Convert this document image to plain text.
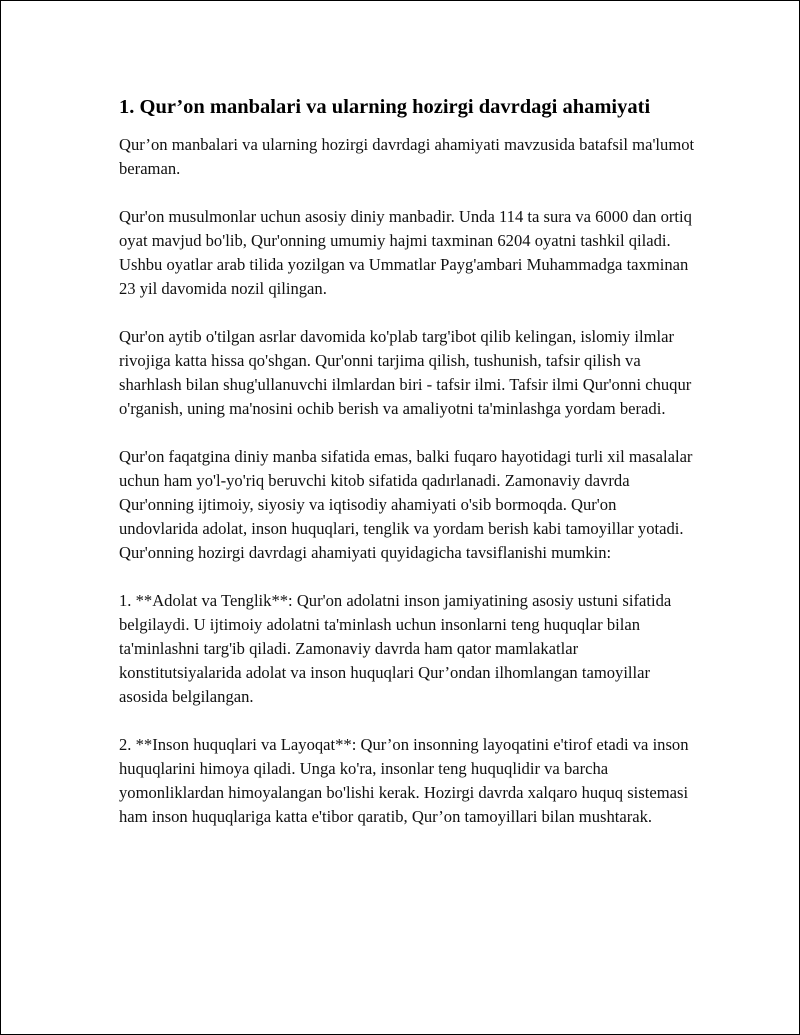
1. Qur’on manbalari va ularning hozirgi davrdagi ahamiyati

Qur’on manbalari va ularning hozirgi davrdagi ahamiyati mavzusida batafsil ma'lumot beraman.

Qur'on musulmonlar uchun asosiy diniy manbadir. Unda 114 ta sura va 6000 dan ortiq oyat mavjud bo'lib, Qur'onning umumiy hajmi taxminan 6204 oyatni tashkil qiladi. Ushbu oyatlar arab tilida yozilgan va Ummatlar Payg'ambari Muhammadga taxminan 23 yil davomida nozil qilingan.

Qur'on aytib o'tilgan asrlar davomida ko'plab targ'ibot qilib kelingan, islomiy ilmlar rivojiga katta hissa qo'shgan. Qur'onni tarjima qilish, tushunish, tafsir qilish va sharhlash bilan shug'ullanuvchi ilmlardan biri - tafsir ilmi. Tafsir ilmi Qur'onni chuqur o'rganish, uning ma'nosini ochib berish va amaliyotni ta'minlashga yordam beradi.

Qur'on faqatgina diniy manba sifatida emas, balki fuqaro hayotidagi turli xil masalalar uchun ham yo'l-yo'riq beruvchi kitob sifatida qadırlanadi. Zamonaviy davrda Qur'onning ijtimoiy, siyosiy va iqtisodiy ahamiyati o'sib bormoqda. Qur'on undovlarida adolat, inson huquqlari, tenglik va yordam berish kabi tamoyillar yotadi. Qur'onning hozirgi davrdagi ahamiyati quyidagicha tavsiflanishi mumkin:

1. **Adolat va Tenglik**: Qur'on adolatni inson jamiyatining asosiy ustuni sifatida belgilaydi. U ijtimoiy adolatni ta'minlash uchun insonlarni teng huquqlar bilan ta'minlashni targ'ib qiladi. Zamonaviy davrda ham qator mamlakatlar konstitutsiyalarida adolat va inson huquqlari Qur’ondan ilhomlangan tamoyillar asosida belgilangan.

2. **Inson huquqlari va Layoqat**: Qur’on insonning layoqatini e'tirof etadi va inson huquqlarini himoya qiladi. Unga ko'ra, insonlar teng huquqlidir va barcha yomonliklardan himoyalangan bo'lishi kerak. Hozirgi davrda xalqaro huquq sistemasi ham inson huquqlariga katta e'tibor qaratib, Qur’on tamoyillari bilan mushtarak.
